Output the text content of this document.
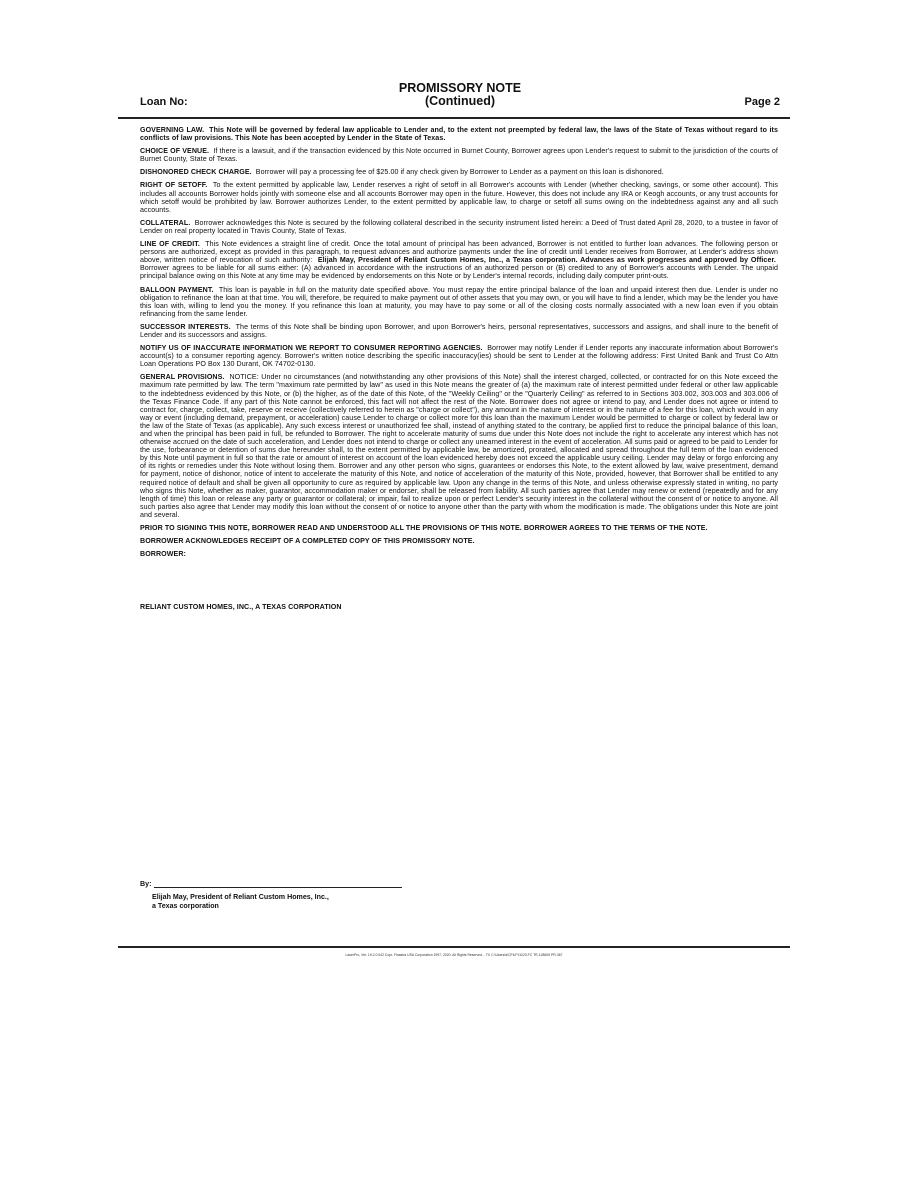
PROMISSORY NOTE
(Continued)
Loan No:	Page 2

GOVERNING LAW. This Note will be governed by federal law applicable to Lender and, to the extent not preempted by federal law, the laws of the State of Texas without regard to its conflicts of law provisions. This Note has been accepted by Lender in the State of Texas.

CHOICE OF VENUE. If there is a lawsuit, and if the transaction evidenced by this Note occurred in Burnet County, Borrower agrees upon Lender's request to submit to the jurisdiction of the courts of Burnet County, State of Texas.

DISHONORED CHECK CHARGE. Borrower will pay a processing fee of $25.00 if any check given by Borrower to Lender as a payment on this loan is dishonored.

RIGHT OF SETOFF. To the extent permitted by applicable law, Lender reserves a right of setoff in all Borrower's accounts with Lender (whether checking, savings, or some other account). This includes all accounts Borrower holds jointly with someone else and all accounts Borrower may open in the future. However, this does not include any IRA or Keogh accounts, or any trust accounts for which setoff would be prohibited by law. Borrower authorizes Lender, to the extent permitted by applicable law, to charge or setoff all sums owing on the indebtedness against any and all such accounts.

COLLATERAL. Borrower acknowledges this Note is secured by the following collateral described in the security instrument listed herein: a Deed of Trust dated April 28, 2020, to a trustee in favor of Lender on real property located in Travis County, State of Texas.

LINE OF CREDIT. This Note evidences a straight line of credit. Once the total amount of principal has been advanced, Borrower is not entitled to further loan advances. The following person or persons are authorized, except as provided in this paragraph, to request advances and authorize payments under the line of credit until Lender receives from Borrower, at Lender's address shown above, written notice of revocation of such authority: Elijah May, President of Reliant Custom Homes, Inc., a Texas corporation. Advances as work progresses and approved by Officer.  Borrower agrees to be liable for all sums either: (A) advanced in accordance with the instructions of an authorized person or (B) credited to any of Borrower's accounts with Lender. The unpaid principal balance owing on this Note at any time may be evidenced by endorsements on this Note or by Lender's internal records, including daily computer print-outs.

BALLOON PAYMENT. This loan is payable in full on the maturity date specified above. You must repay the entire principal balance of the loan and unpaid interest then due. Lender is under no obligation to refinance the loan at that time. You will, therefore, be required to make payment out of other assets that you may own, or you will have to find a lender, which may be the lender you have this loan with, willing to lend you the money. If you refinance this loan at maturity, you may have to pay some or all of the closing costs normally associated with a new loan even if you obtain refinancing from the same lender.

SUCCESSOR INTERESTS. The terms of this Note shall be binding upon Borrower, and upon Borrower's heirs, personal representatives, successors and assigns, and shall inure to the benefit of Lender and its successors and assigns.

NOTIFY US OF INACCURATE INFORMATION WE REPORT TO CONSUMER REPORTING AGENCIES. Borrower may notify Lender if Lender reports any inaccurate information about Borrower's account(s) to a consumer reporting agency. Borrower's written notice describing the specific inaccuracy(ies) should be sent to Lender at the following address: First United Bank and Trust Co Attn Loan Operations PO Box 130 Durant, OK 74702-0130.

GENERAL PROVISIONS. NOTICE: Under no circumstances (and notwithstanding any other provisions of this Note) shall the interest charged, collected, or contracted for on this Note exceed the maximum rate permitted by law. The term "maximum rate permitted by law" as used in this Note means the greater of (a) the maximum rate of interest permitted under federal or other law applicable to the indebtedness evidenced by this Note, or (b) the higher, as of the date of this Note, of the "Weekly Ceiling" or the "Quarterly Ceiling" as referred to in Sections 303.002, 303.003 and 303.006 of the Texas Finance Code. If any part of this Note cannot be enforced, this fact will not affect the rest of the Note. Borrower does not agree or intend to pay, and Lender does not agree or intend to contract for, charge, collect, take, reserve or receive (collectively referred to herein as "charge or collect"), any amount in the nature of interest or in the nature of a fee for this loan, which would in any way or event (including demand, prepayment, or acceleration) cause Lender to charge or collect more for this loan than the maximum Lender would be permitted to charge or collect by federal law or the law of the State of Texas (as applicable). Any such excess interest or unauthorized fee shall, instead of anything stated to the contrary, be applied first to reduce the principal balance of this loan, and when the principal has been paid in full, be refunded to Borrower. The right to accelerate maturity of sums due under this Note does not include the right to accelerate any interest which has not otherwise accrued on the date of such acceleration, and Lender does not intend to charge or collect any unearned interest in the event of acceleration. All sums paid or agreed to be paid to Lender for the use, forbearance or detention of sums due hereunder shall, to the extent permitted by applicable law, be amortized, prorated, allocated and spread throughout the full term of the loan evidenced by this Note until payment in full so that the rate or amount of interest on account of the loan evidenced hereby does not exceed the applicable usury ceiling. Lender may delay or forgo enforcing any of its rights or remedies under this Note without losing them. Borrower and any other person who signs, guarantees or endorses this Note, to the extent allowed by law, waive presentment, demand for payment, notice of dishonor, notice of intent to accelerate the maturity of this Note, and notice of acceleration of the maturity of this Note, provided, however, that Borrower shall be entitled to any required notice of default and shall be given all opportunity to cure as required by applicable law. Upon any change in the terms of this Note, and unless otherwise expressly stated in writing, no party who signs this Note, whether as maker, guarantor, accommodation maker or endorser, shall be released from liability. All such parties agree that Lender may renew or extend (repeatedly and for any length of time) this loan or release any party or guarantor or collateral; or impair, fail to realize upon or perfect Lender's security interest in the collateral without the consent of or notice to anyone. All such parties also agree that Lender may modify this loan without the consent of or notice to anyone other than the party with whom the modification is made. The obligations under this Note are joint and several.

PRIOR TO SIGNING THIS NOTE, BORROWER READ AND UNDERSTOOD ALL THE PROVISIONS OF THIS NOTE. BORROWER AGREES TO THE TERMS OF THE NOTE.

BORROWER ACKNOWLEDGES RECEIPT OF A COMPLETED COPY OF THIS PROMISSORY NOTE.

BORROWER:

RELIANT CUSTOM HOMES, INC., A TEXAS CORPORATION

By:
Elijah May, President of Reliant Custom Homes, Inc.,
a Texas corporation
LaserPro, Ver. 19.2.0.042 Copr. Finastra USA Corporation 1997, 2020. All Rights Reserved. - TX C:\Users\d\CFILPL\D20.FC TR-128605 PR-367
